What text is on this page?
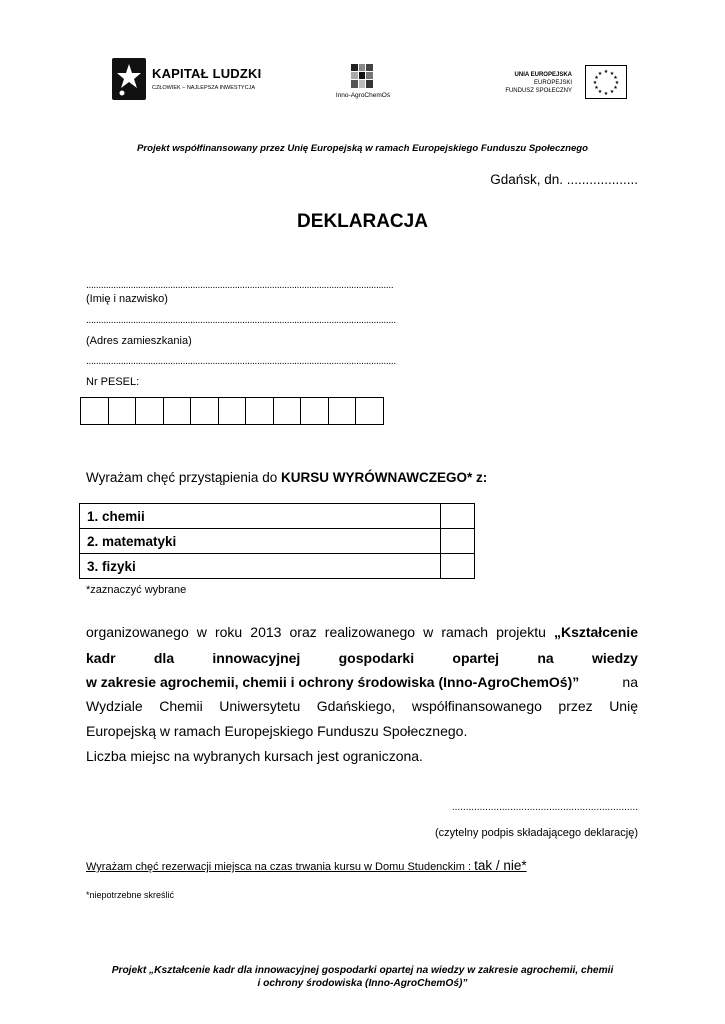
KAPITAŁ LUDZKI
CZŁOWIEK – NAJLEPSZA INWESTYCJA
Inno-AgroChemOś
UNIA EUROPEJSKA
EUROPEJSKI
FUNDUSZ SPOŁECZNY
★ ★
★
★
★
★
★
★
★
★
★
★
Projekt współfinansowany przez Unię Europejską w ramach Europejskiego Funduszu Społecznego
Gdańsk, dn. ...................
DEKLARACJA
............................................................................................................................
(Imię i nazwisko)
.............................................................................................................................
(Adres zamieszkania)
.............................................................................................................................
Nr PESEL:

Wyrażam chęć przystąpienia do KURSU WYRÓWNAWCZEGO* z:
1. chemii	
2. matematyki	
3. fizyki	
*zaznaczyć wybrane
organizowanego w roku 2013 oraz realizowanego w ramach projektu „Kształcenie
kadr	dla	innowacyjnej	gospodarki	opartej	na	wiedzy
w zakresie agrochemii, chemii i ochrony środowiska (Inno-AgroChemOś)”	na
Wydziale Chemii Uniwersytetu Gdańskiego, współfinansowanego przez Unię
Europejską w ramach Europejskiego Funduszu Społecznego.
Liczba miejsc na wybranych kursach jest ograniczona.
...................................................................
(czytelny podpis składającego deklarację)
Wyrażam chęć rezerwacji miejsca na czas trwania kursu w Domu Studenckim : tak / nie*
*niepotrzebne skreślić
Projekt „Kształcenie kadr dla innowacyjnej gospodarki opartej na wiedzy w zakresie agrochemii, chemii
i ochrony środowiska (Inno-AgroChemOś)”
